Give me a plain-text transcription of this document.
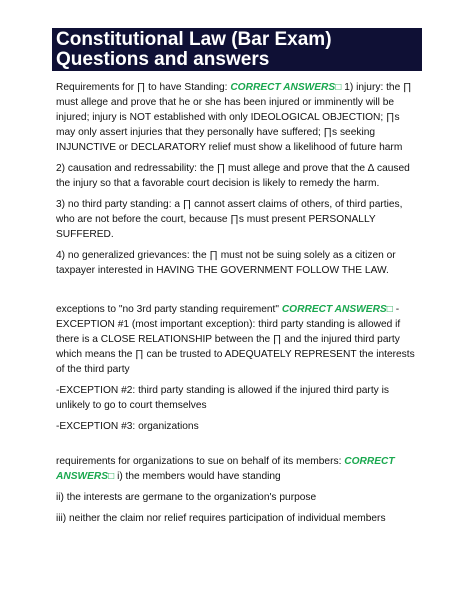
Constitutional Law (Bar Exam)
Questions and answers

Requirements for ∏ to have Standing: CORRECT ANSWERS□ 1) injury: the ∏ must allege and prove that he or she has been injured or imminently will be injured; injury is NOT established with only IDEOLOGICAL OBJECTION; ∏s may only assert injuries that they personally have suffered; ∏s seeking INJUNCTIVE or DECLARATORY relief must show a likelihood of future harm

2) causation and redressability: the ∏ must allege and prove that the ∆ caused the injury so that a favorable court decision is likely to remedy the harm.

3) no third party standing: a ∏ cannot assert claims of others, of third parties, who are not before the court, because ∏s must present PERSONALLY SUFFERED.

4) no generalized grievances: the ∏ must not be suing solely as a citizen or taxpayer interested in HAVING THE GOVERNMENT FOLLOW THE LAW.

exceptions to "no 3rd party standing requirement" CORRECT ANSWERS□ - EXCEPTION #1 (most important exception): third party standing is allowed if there is a CLOSE RELATIONSHIP between the ∏ and the injured third party which means the ∏ can be trusted to ADEQUATELY REPRESENT the interests of the third party

-EXCEPTION #2: third party standing is allowed if the injured third party is unlikely to go to court themselves

-EXCEPTION #3: organizations

requirements for organizations to sue on behalf of its members: CORRECT ANSWERS□ i) the members would have standing

ii) the interests are germane to the organization's purpose

iii) neither the claim nor relief requires participation of individual members
